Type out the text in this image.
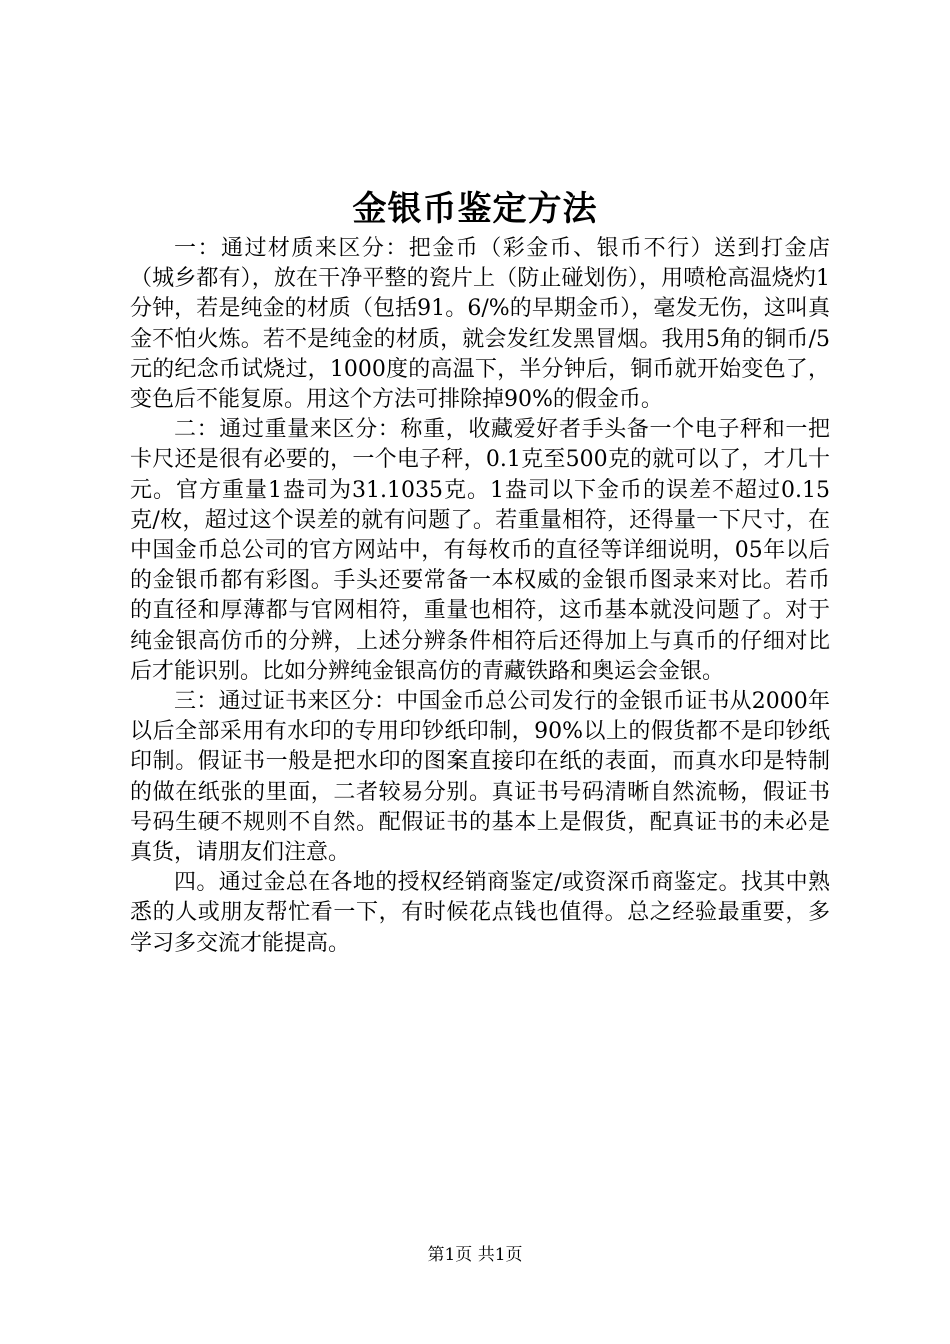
金银币鉴定方法

一：通过材质来区分：把金币（彩金币、银币不行）送到打金店（城乡都有），放在干净平整的瓷片上（防止碰划伤），用喷枪高温烧灼1分钟，若是纯金的材质（包括91。6/%的早期金币），毫发无伤，这叫真金不怕火炼。若不是纯金的材质，就会发红发黑冒烟。我用5角的铜币/5元的纪念币试烧过，1000度的高温下，半分钟后，铜币就开始变色了，变色后不能复原。用这个方法可排除掉90%的假金币。

二：通过重量来区分：称重，收藏爱好者手头备一个电子秤和一把卡尺还是很有必要的，一个电子秤，0.1克至500克的就可以了，才几十元。官方重量1盎司为31.1035克。1盎司以下金币的误差不超过0.15克/枚，超过这个误差的就有问题了。若重量相符，还得量一下尺寸，在中国金币总公司的官方网站中，有每枚币的直径等详细说明，05年以后的金银币都有彩图。手头还要常备一本权威的金银币图录来对比。若币的直径和厚薄都与官网相符，重量也相符，这币基本就没问题了。对于纯金银高仿币的分辨，上述分辨条件相符后还得加上与真币的仔细对比后才能识别。比如分辨纯金银高仿的青藏铁路和奥运会金银。

三：通过证书来区分：中国金币总公司发行的金银币证书从2000年以后全部采用有水印的专用印钞纸印制，90%以上的假货都不是印钞纸印制。假证书一般是把水印的图案直接印在纸的表面，而真水印是特制的做在纸张的里面，二者较易分别。真证书号码清晰自然流畅，假证书号码生硬不规则不自然。配假证书的基本上是假货，配真证书的未必是真货，请朋友们注意。

四。通过金总在各地的授权经销商鉴定/或资深币商鉴定。找其中熟悉的人或朋友帮忙看一下，有时候花点钱也值得。总之经验最重要，多学习多交流才能提高。

第1页 共1页
